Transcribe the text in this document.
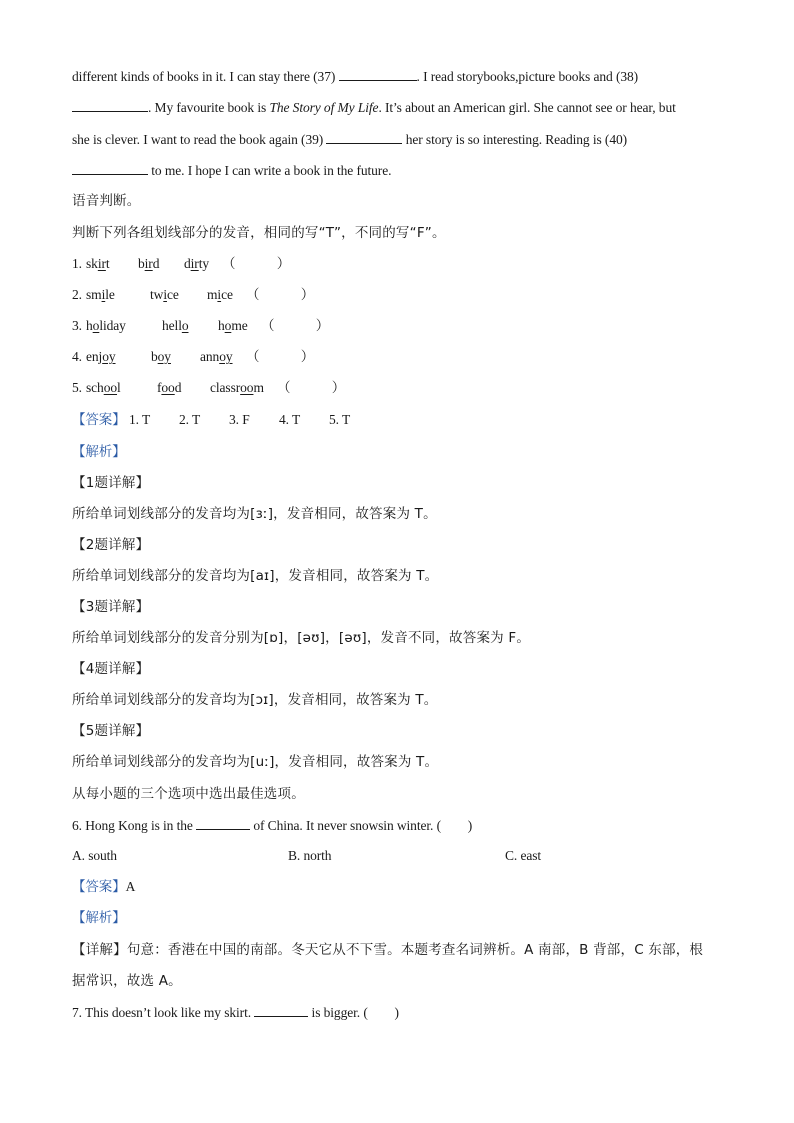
different kinds of books in it. I can stay there (37)	. I read storybooks,picture books and (38)
. My favourite book is The Story of My Life. It’s about an American girl. She cannot see or hear, but
she is clever. I want to read the book again (39)	her story is so interesting. Reading is (40)
to me. I hope I can write a book in the future.
语音判断。
判断下列各组划线部分的发音，相同的写“T”，不同的写“F”。
1. skirt bird dirty （　　　）
2. smile	twice mice （　　　）
3. holiday	hello home （　　　）
4. enjoy	boy annoy （　　　）
5. school	food classroom （　　　）
【答案】 1. T 2. T 3. F 4. T 5. T
【解析】
【1题详解】
所给单词划线部分的发音均为[ɜː]，发音相同，故答案为 T。
【2题详解】
所给单词划线部分的发音均为[aɪ]，发音相同，故答案为 T。
【3题详解】
所给单词划线部分的发音分别为[ɒ]，[əʊ]，[əʊ]，发音不同，故答案为 F。
【4题详解】
所给单词划线部分的发音均为[ɔɪ]，发音相同，故答案为 T。
【5题详解】
所给单词划线部分的发音均为[uː]，发音相同，故答案为 T。
从每小题的三个选项中选出最佳选项。
6. Hong Kong is in the	of China. It never snowsin winter. (　　)
A. south	B. north	C. east
【答案】A
【解析】
【详解】句意：香港在中国的南部。冬天它从不下雪。本题考查名词辨析。A 南部，B 背部，C 东部，根
据常识，故选 A。
7. This doesn’t look like my skirt.	is bigger. (　　)
